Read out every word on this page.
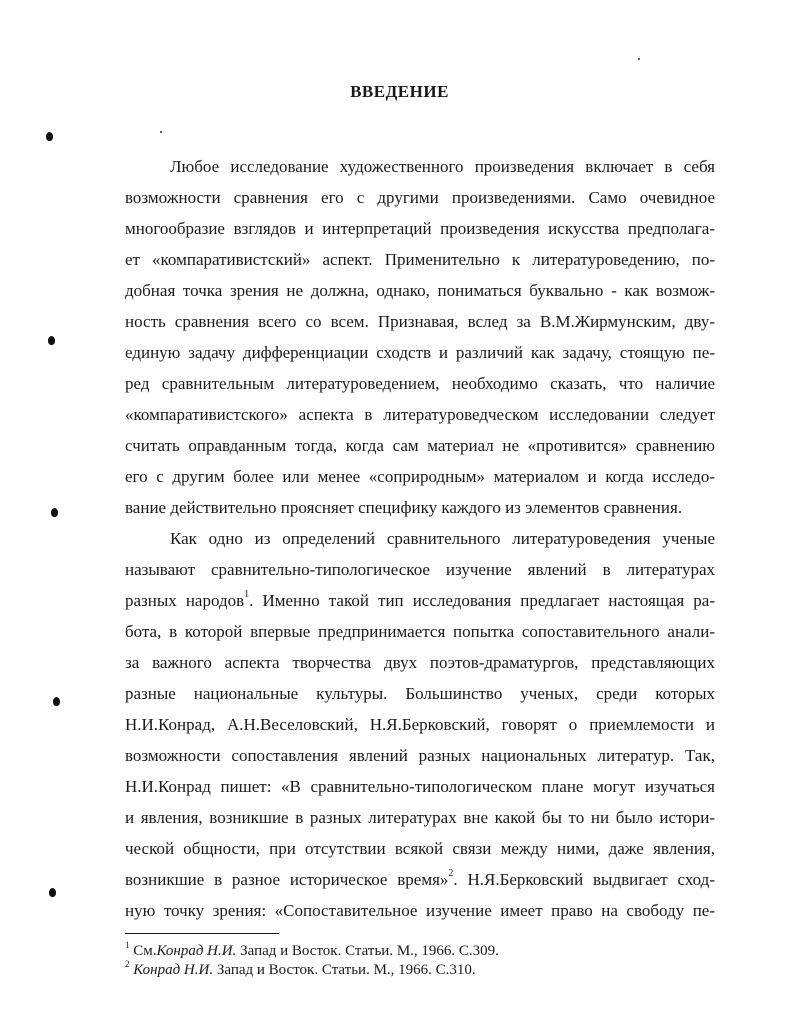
ВВЕДЕНИЕ
Любое исследование художественного произведения включает в себя
возможности сравнения его с другими произведениями. Само очевидное
многообразие взглядов и интерпретаций произведения искусства предполага-
ет «компаративистский» аспект. Применительно к литературоведению, по-
добная точка зрения не должна, однако, пониматься буквально - как возмож-
ность сравнения всего со всем. Признавая, вслед за В.М.Жирмунским, дву-
единую задачу дифференциации сходств и различий как задачу, стоящую пе-
ред сравнительным литературоведением, необходимо сказать, что наличие
«компаративистского» аспекта в литературоведческом исследовании следует
считать оправданным тогда, когда сам материал не «противится» сравнению
его с другим более или менее «соприродным» материалом и когда исследо-
вание действительно проясняет специфику каждого из элементов сравнения.
Как одно из определений сравнительного литературоведения ученые
называют сравнительно-типологическое изучение явлений в литературах
разных народов$^1$. Именно такой тип исследования предлагает настоящая ра-
бота, в которой впервые предпринимается попытка сопоставительного анали-
за важного аспекта творчества двух поэтов-драматургов, представляющих
разные национальные культуры. Большинство ученых, среди которых
Н.И.Конрад, А.Н.Веселовский, Н.Я.Берковский, говорят о приемлемости и
возможности сопоставления явлений разных национальных литератур. Так,
Н.И.Конрад пишет: «В сравнительно-типологическом плане могут изучаться
и явления, возникшие в разных литературах вне какой бы то ни было истори-
ческой общности, при отсутствии всякой связи между ними, даже явления,
возникшие в разное историческое время»$^2$. Н.Я.Берковский выдвигает сход-
ную точку зрения: «Сопоставительное изучение имеет право на свободу пе-
$^1$ См.Конрад Н.И. Запад и Восток. Статьи. М., 1966. С.309.
$^2$ Конрад Н.И. Запад и Восток. Статьи. М., 1966. С.310.
